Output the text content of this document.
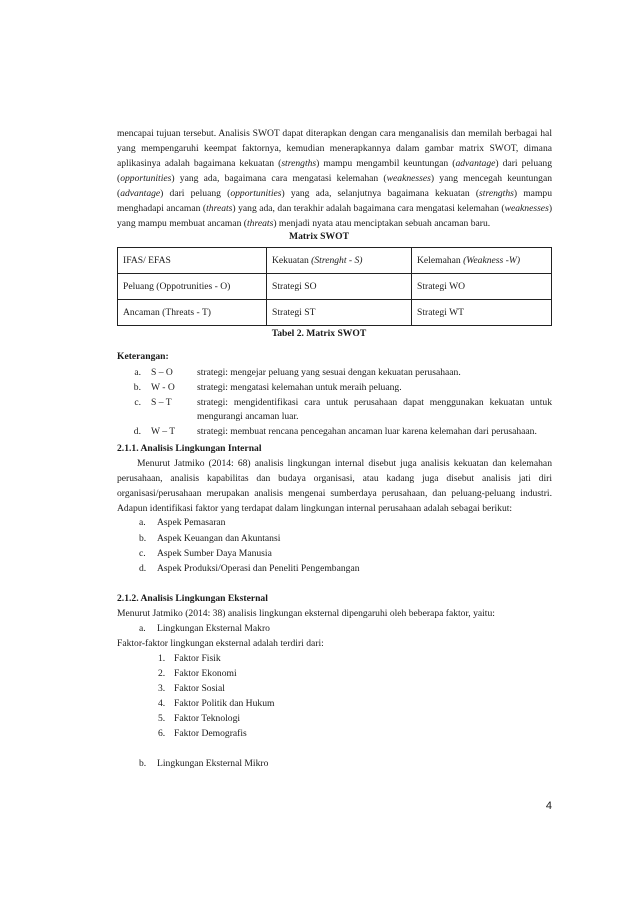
mencapai tujuan tersebut. Analisis SWOT dapat diterapkan dengan cara menganalisis dan memilah berbagai hal yang mempengaruhi keempat faktornya, kemudian menerapkannya dalam gambar matrix SWOT, dimana aplikasinya adalah bagaimana kekuatan (strengths) mampu mengambil keuntungan (advantage) dari peluang (opportunities) yang ada, bagaimana cara mengatasi kelemahan (weaknesses) yang mencegah keuntungan (advantage) dari peluang (opportunities) yang ada, selanjutnya bagaimana kekuatan (strengths) mampu menghadapi ancaman (threats) yang ada, dan terakhir adalah bagaimana cara mengatasi kelemahan (weaknesses) yang mampu membuat ancaman (threats) menjadi nyata atau menciptakan sebuah ancaman baru.

Matrix SWOT
IFAS/ EFAS	Kekuatan (Strenght - S)	Kelemahan (Weakness -W)
Peluang (Oppotrunities - O)	Strategi SO	Strategi WO
Ancaman (Threats - T)	Strategi ST	Strategi WT
Tabel 2. Matrix SWOT
Keterangan:
a.	S – O	strategi: mengejar peluang yang sesuai dengan kekuatan perusahaan.
b.	W - O	strategi: mengatasi kelemahan untuk meraih peluang.
c.	S – T	strategi: mengidentifikasi cara untuk perusahaan dapat menggunakan kekuatan untuk mengurangi ancaman luar.
d.	W – T	strategi: membuat rencana pencegahan ancaman luar karena kelemahan dari perusahaan.
2.1.1. Analisis Lingkungan Internal

Menurut Jatmiko (2014: 68) analisis lingkungan internal disebut juga analisis kekuatan dan kelemahan perusahaan, analisis kapabilitas dan budaya organisasi, atau kadang juga disebut analisis jati diri organisasi/perusahaan merupakan analisis mengenai sumberdaya perusahaan, dan peluang-peluang industri. Adapun identifikasi faktor yang terdapat dalam lingkungan internal perusahaan adalah sebagai berikut:

a. Aspek Pemasaran
b. Aspek Keuangan dan Akuntansi
c. Aspek Sumber Daya Manusia
d. Aspek Produksi/Operasi dan Peneliti Pengembangan
2.1.2. Analisis Lingkungan Eksternal
Menurut Jatmiko (2014: 38) analisis lingkungan eksternal dipengaruhi oleh beberapa faktor, yaitu:
a. Lingkungan Eksternal Makro
Faktor-faktor lingkungan eksternal adalah terdiri dari:
1. Faktor Fisik
2. Faktor Ekonomi
3. Faktor Sosial
4. Faktor Politik dan Hukum
5. Faktor Teknologi
6. Faktor Demografis
b. Lingkungan Eksternal Mikro
4
